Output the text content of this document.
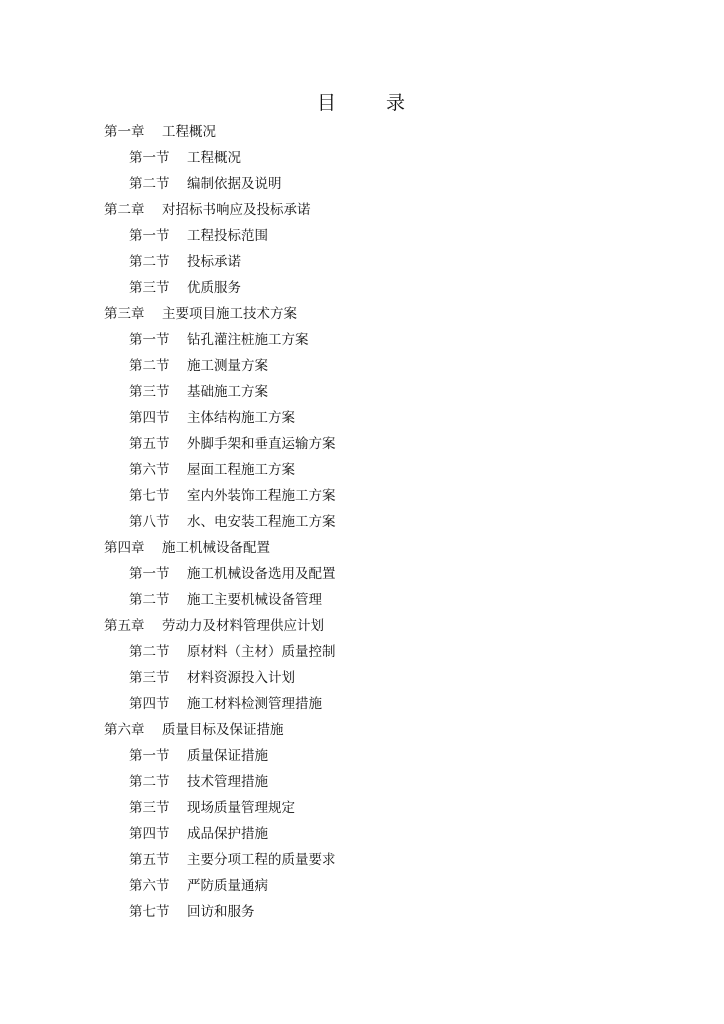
目 录
第一章 工程概况
第一节 工程概况
第二节 编制依据及说明
第二章 对招标书响应及投标承诺
第一节 工程投标范围
第二节 投标承诺
第三节 优质服务
第三章 主要项目施工技术方案
第一节 钻孔灌注桩施工方案
第二节 施工测量方案
第三节 基础施工方案
第四节 主体结构施工方案
第五节 外脚手架和垂直运输方案
第六节 屋面工程施工方案
第七节 室内外装饰工程施工方案
第八节 水、电安装工程施工方案
第四章 施工机械设备配置
第一节 施工机械设备选用及配置
第二节 施工主要机械设备管理
第五章 劳动力及材料管理供应计划
第二节 原材料（主材）质量控制
第三节 材料资源投入计划
第四节 施工材料检测管理措施
第六章 质量目标及保证措施
第一节 质量保证措施
第二节 技术管理措施
第三节 现场质量管理规定
第四节 成品保护措施
第五节 主要分项工程的质量要求
第六节 严防质量通病
第七节 回访和服务
